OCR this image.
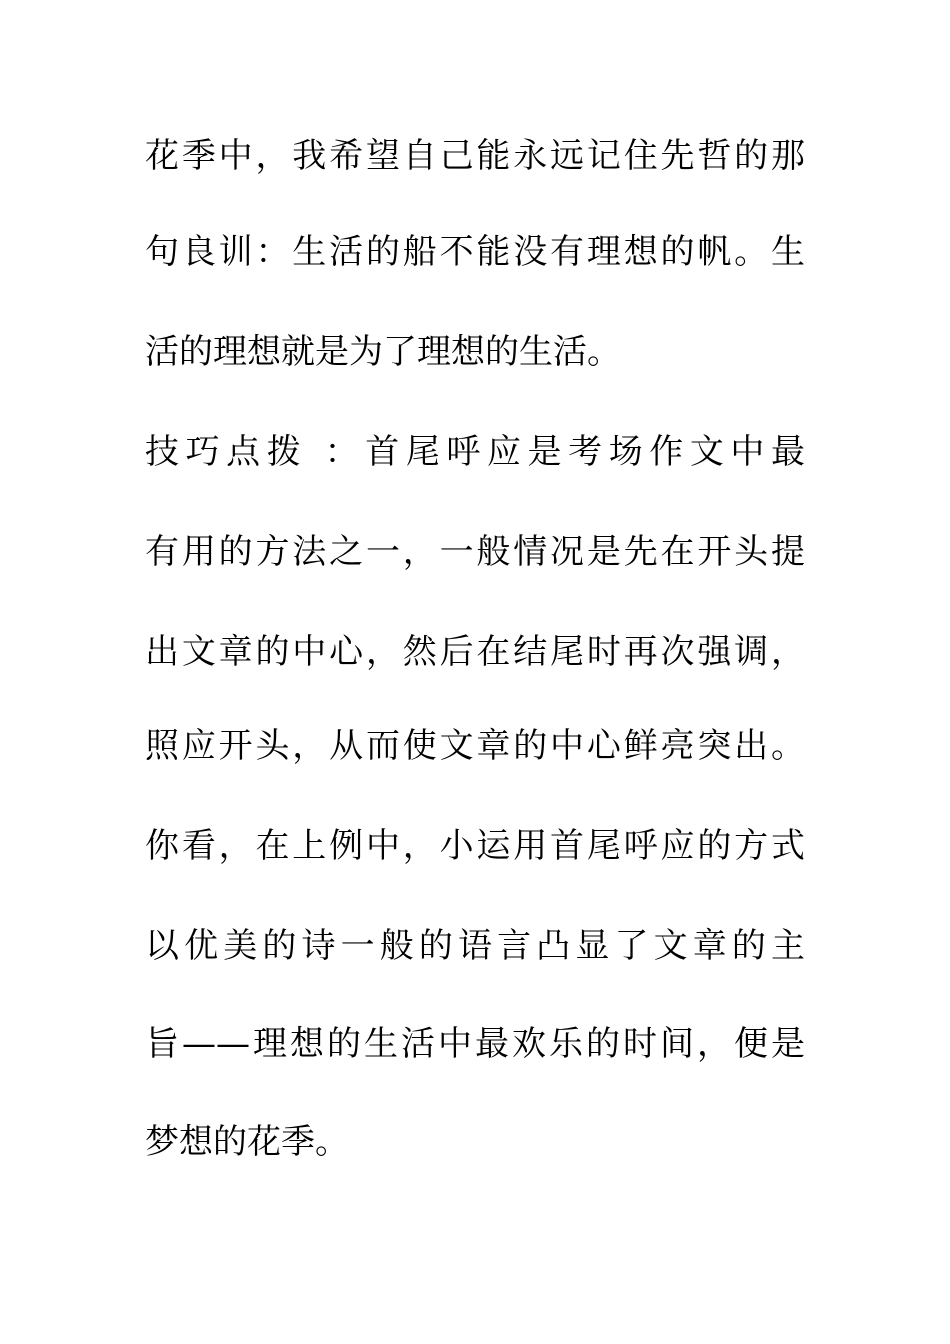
花季中，我希望自己能永远记住先哲的那
句良训：生活的船不能没有理想的帆。生
活的理想就是为了理想的生活。
技巧点拨 ：首尾呼应是考场作文中最
有用的方法之一，一般情况是先在开头提
出文章的中心，然后在结尾时再次强调，
照应开头，从而使文章的中心鲜亮突出。
你看，在上例中，小运用首尾呼应的方式
以优美的诗一般的语言凸显了文章的主
旨——理想的生活中最欢乐的时间，便是
梦想的花季。
